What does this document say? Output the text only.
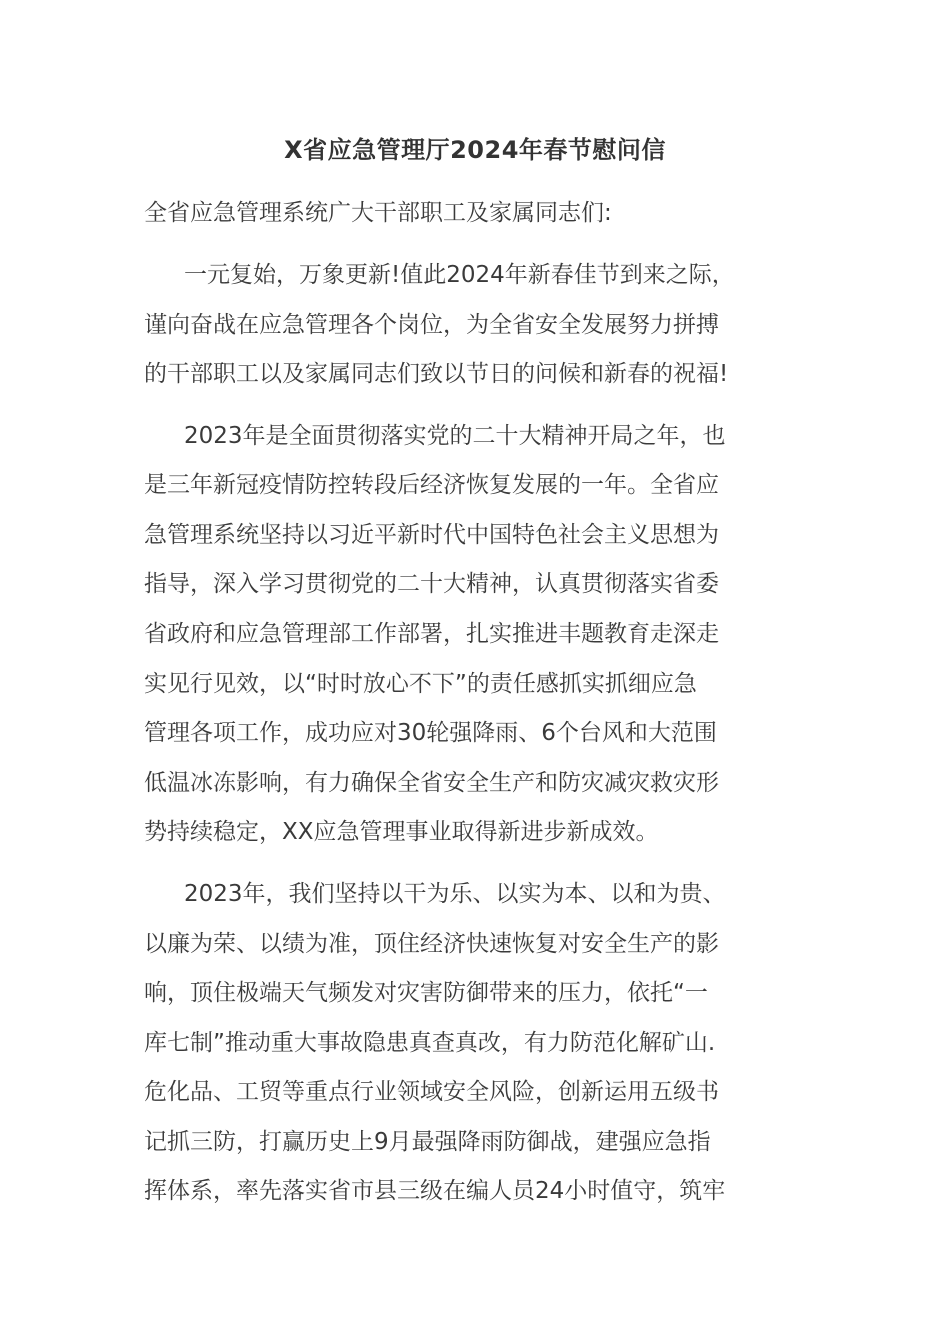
X省应急管理厅2024年春节慰问信
全省应急管理系统广大干部职工及家属同志们:
一元复始，万象更新!值此2024年新春佳节到来之际，
谨向奋战在应急管理各个岗位，为全省安全发展努力拼搏
的干部职工以及家属同志们致以节日的问候和新春的祝福!
2023年是全面贯彻落实党的二十大精神开局之年，也
是三年新冠疫情防控转段后经济恢复发展的一年。全省应
急管理系统坚持以习近平新时代中国特色社会主义思想为
指导，深入学习贯彻党的二十大精神，认真贯彻落实省委
省政府和应急管理部工作部署，扎实推进丰题教育走深走
实见行见效，以“时时放心不下”的责任感抓实抓细应急
管理各项工作，成功应对30轮强降雨、6个台风和大范围
低温冰冻影响，有力确保全省安全生产和防灾减灾救灾形
势持续稳定，XX应急管理事业取得新进步新成效。
2023年，我们坚持以干为乐、以实为本、以和为贵、
以廉为荣、以绩为准，顶住经济快速恢复对安全生产的影
响，顶住极端天气频发对灾害防御带来的压力，依托“一
库七制”推动重大事故隐患真查真改，有力防范化解矿山.
危化品、工贸等重点行业领域安全风险，创新运用五级书
记抓三防，打赢历史上9月最强降雨防御战，建强应急指
挥体系，率先落实省市县三级在编人员24小时值守，筑牢
